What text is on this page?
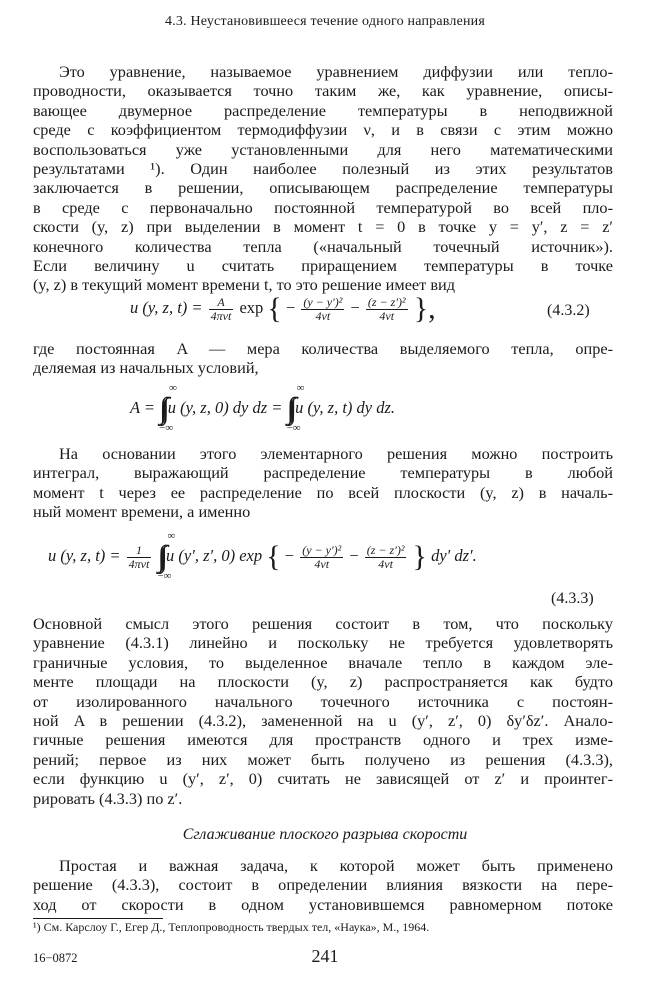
4.3. Неустановившееся течение одного направления
Это уравнение, называемое уравнением диффузии или тепло-
проводности, оказывается точно таким же, как уравнение, описы-
вающее двумерное распределение температуры в неподвижной
среде с коэффициентом термодиффузии ν, и в связи с этим можно
воспользоваться уже установленными для него математическими
результатами ¹). Один наиболее полезный из этих результатов
заключается в решении, описывающем распределение температуры
в среде с первоначально постоянной температурой во всей пло-
скости (y, z) при выделении в момент t = 0 в точке y = y′, z = z′
конечного количества тепла («начальный точечный источник»).
Если величину u считать приращением температуры в точке
(y, z) в текущий момент времени t, то это решение имеет вид
u (y, z, $t) = \frac{A}{\text{4πνt}}$ exp { − $\frac{\text{(y − y′)²}}{4\nu t} - \frac{\text{(z − z′)²}}{4\nu t}$ },	(4.3.2)
где постоянная A — мера количества выделяемого тепла, опре-
деляемая из начальных условий,
A =
∞
∫∫
−∞
u (y, z, 0) dy dz =
∞
∫∫
−∞
u (y, z, t) dy dz.
На основании этого элементарного решения можно построить
интеграл, выражающий распределение температуры в любой
момент t через ее распределение по всей плоскости (y, z) в началь-
ный момент времени, а именно
u (y, z, $t) = \frac{1}{\text{4πνt}}$

∞
∫∫
−∞
u (y′, z′, 0) exp { − $\frac{\text{(y − y′)²}}{4\nu t} - \frac{\text{(z − z′)²}}{4\nu t}$ } dy′ dz′.
(4.3.3)
Основной смысл этого решения состоит в том, что поскольку
уравнение (4.3.1) линейно и поскольку не требуется удовлетворять
граничные условия, то выделенное вначале тепло в каждом эле-
менте площади на плоскости (y, z) распространяется как будто
от изолированного начального точечного источника с постоян-
ной A в решении (4.3.2), замененной на u (y′, z′, 0) δy′δz′. Анало-
гичные решения имеются для пространств одного и трех изме-
рений; первое из них может быть получено из решения (4.3.3),
если функцию u (y′, z′, 0) считать не зависящей от z′ и проинтег-
рировать (4.3.3) по z′.
Сглаживание плоского разрыва скорости
Простая и важная задача, к которой может быть применено
решение (4.3.3), состоит в определении влияния вязкости на пере-
ход от скорости в одном установившемся равномерном потоке
¹) См. Карслоу Г., Егер Д., Теплопроводность твердых тел, «Наука», М., 1964.
16−0872	241
